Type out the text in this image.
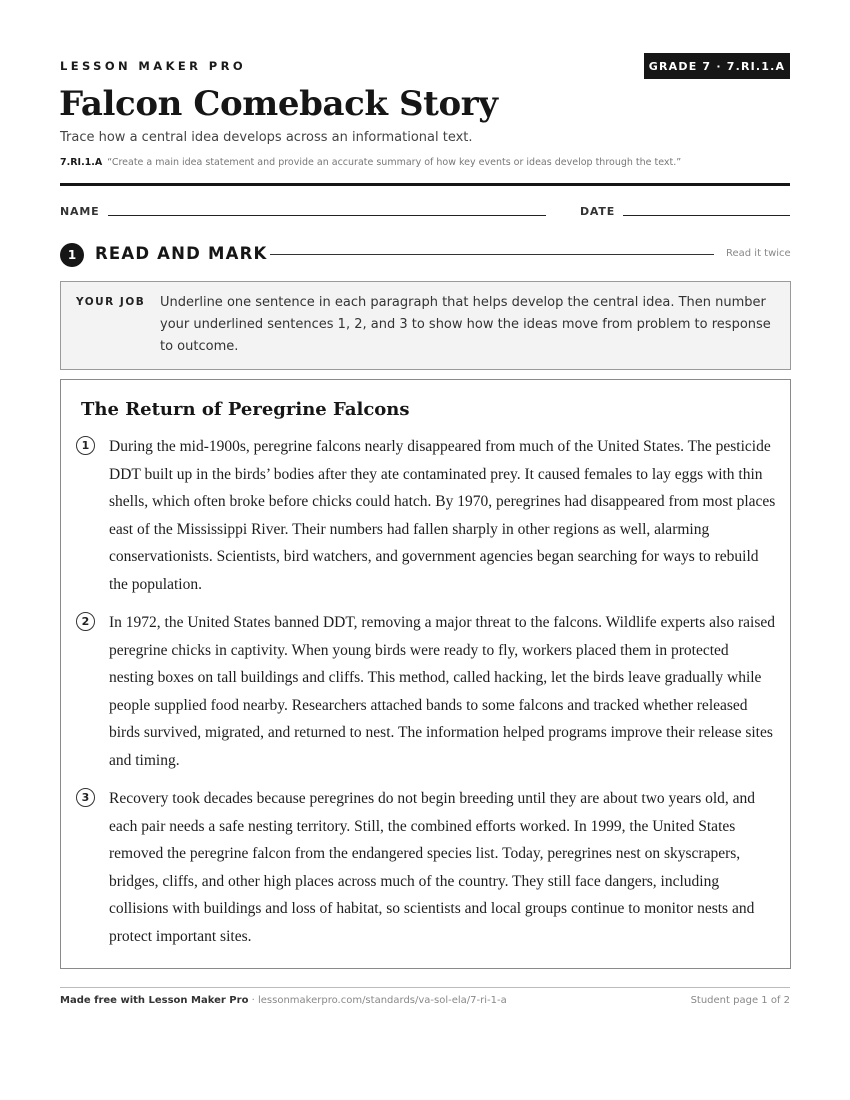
LESSON MAKER PRO	GRADE 7 · 7.RI.1.A
Falcon Comeback Story
Trace how a central idea develops across an informational text.
7.RI.1.A “Create a main idea statement and provide an accurate summary of how key events or ideas develop through the text.”
NAME	DATE
1	READ AND MARK	Read it twice
YOUR JOB Underline one sentence in each paragraph that helps develop the central idea. Then number your underlined sentences 1, 2, and 3 to show how the ideas move from problem to response to outcome.
The Return of Peregrine Falcons
1	During the mid-1900s, peregrine falcons nearly disappeared from much of the United States. The pesticide DDT built up in the birds’ bodies after they ate contaminated prey. It caused females to lay eggs with thin shells, which often broke before chicks could hatch. By 1970, peregrines had disappeared from most places east of the Mississippi River. Their numbers had fallen sharply in other regions as well, alarming conservationists. Scientists, bird watchers, and government agencies began searching for ways to rebuild the population.

2	In 1972, the United States banned DDT, removing a major threat to the falcons. Wildlife experts also raised peregrine chicks in captivity. When young birds were ready to fly, workers placed them in protected nesting boxes on tall buildings and cliffs. This method, called hacking, let the birds leave gradually while people supplied food nearby. Researchers attached bands to some falcons and tracked whether released birds survived, migrated, and returned to nest. The information helped programs improve their release sites and timing.

3	Recovery took decades because peregrines do not begin breeding until they are about two years old, and each pair needs a safe nesting territory. Still, the combined efforts worked. In 1999, the United States removed the peregrine falcon from the endangered species list. Today, peregrines nest on skyscrapers, bridges, cliffs, and other high places across much of the country. They still face dangers, including collisions with buildings and loss of habitat, so scientists and local groups continue to monitor nests and protect important sites.

Made free with Lesson Maker Pro · lessonmakerpro.com/standards/va-sol-ela/7-ri-1-a	Student page 1 of 2
